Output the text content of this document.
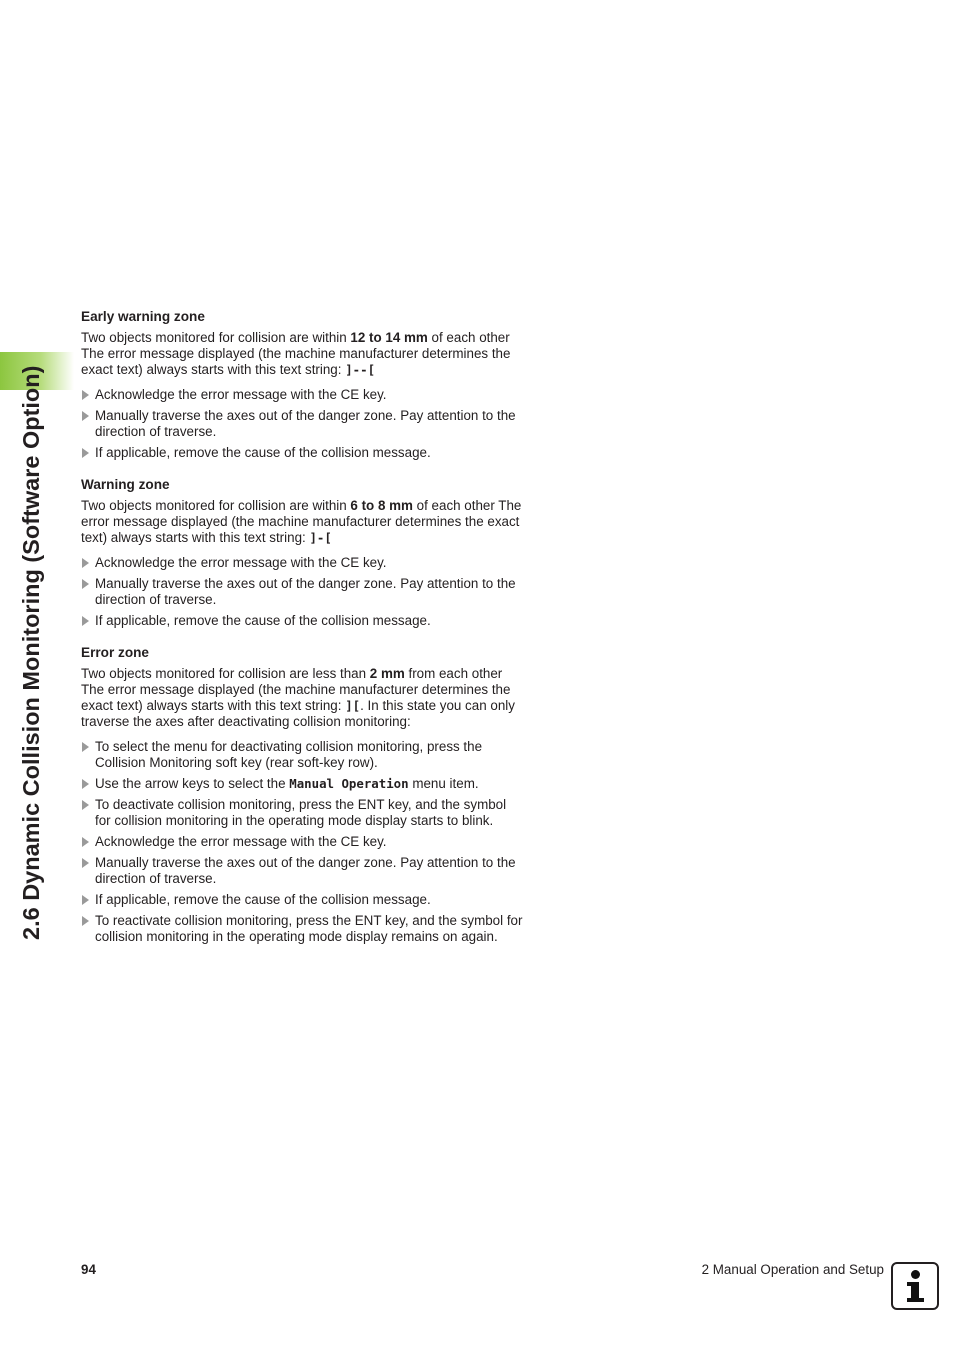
2.6 Dynamic Collision Monitoring (Software Option)
Early warning zone
Two objects monitored for collision are within 12 to 14 mm of each other The error message displayed (the machine manufacturer determines the exact text) always starts with this text string: ]--[
Acknowledge the error message with the CE key.
Manually traverse the axes out of the danger zone. Pay attention to the direction of traverse.
If applicable, remove the cause of the collision message.
Warning zone
Two objects monitored for collision are within 6 to 8 mm of each other The error message displayed (the machine manufacturer determines the exact text) always starts with this text string: ]-[
Acknowledge the error message with the CE key.
Manually traverse the axes out of the danger zone. Pay attention to the direction of traverse.
If applicable, remove the cause of the collision message.
Error zone
Two objects monitored for collision are less than 2 mm from each other The error message displayed (the machine manufacturer determines the exact text) always starts with this text string: ][. In this state you can only traverse the axes after deactivating collision monitoring:
To select the menu for deactivating collision monitoring, press the Collision Monitoring soft key (rear soft-key row).
Use the arrow keys to select the Manual Operation menu item.
To deactivate collision monitoring, press the ENT key, and the symbol for collision monitoring in the operating mode display starts to blink.
Acknowledge the error message with the CE key.
Manually traverse the axes out of the danger zone. Pay attention to the direction of traverse.
If applicable, remove the cause of the collision message.
To reactivate collision monitoring, press the ENT key, and the symbol for collision monitoring in the operating mode display remains on again.
94	2 Manual Operation and Setup
